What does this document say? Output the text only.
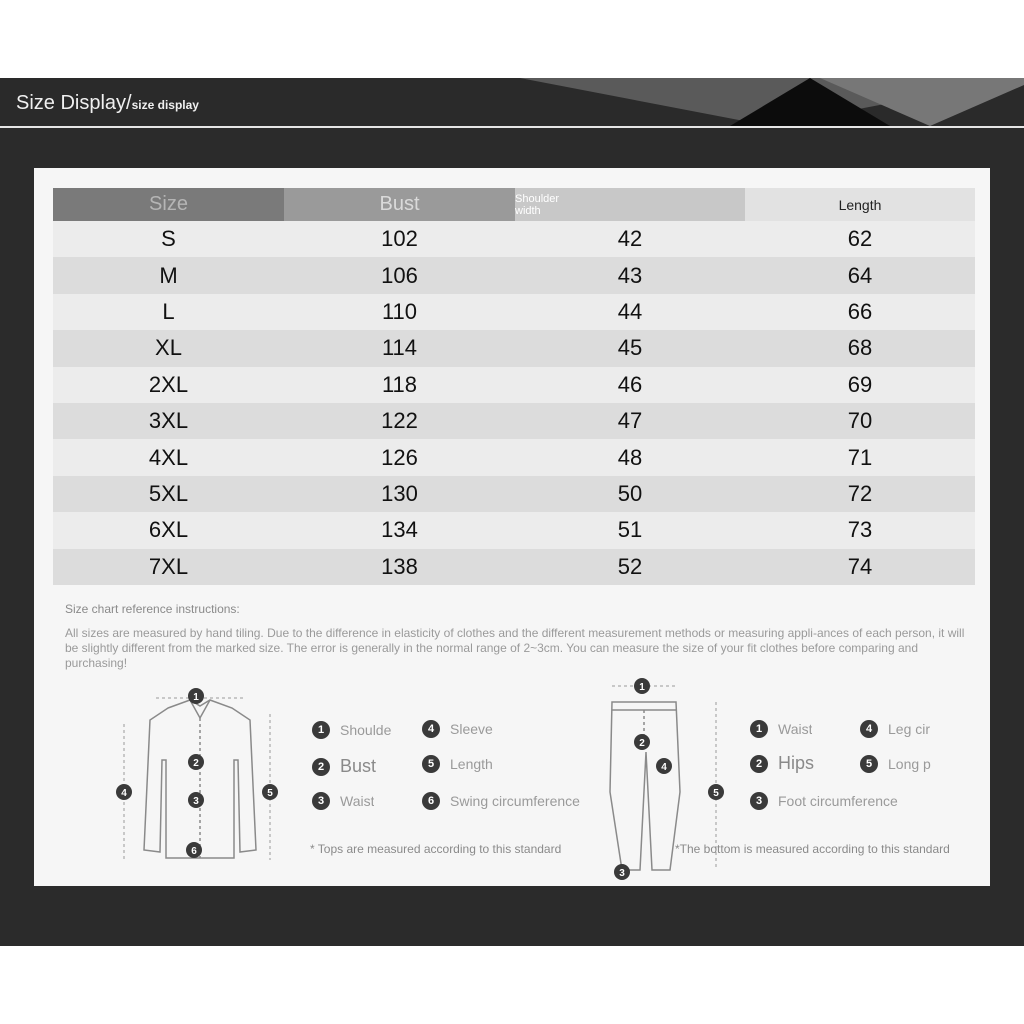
Size Display/size display
Size	Bust	Shoulder width	Length
S	102	42	62
M	106	43	64
L	110	44	66
XL	114	45	68
2XL	118	46	69
3XL	122	47	70
4XL	126	48	71
5XL	130	50	72
6XL	134	51	73
7XL	138	52	74
Size chart reference instructions:
All sizes are measured by hand tiling. Due to the difference in elasticity of clothes and the different measurement methods or measuring appli-ances of each person, it will be slightly different from the marked size. The error is generally in the normal range of 2~3cm. You can measure the size of your fit clothes before comparing and purchasing!
1
2
3
4	5
6
1	Shoulde
2 Bust
3	Waist
4	Sleeve
5	Length
6	Swing circumference
* Tops are measured according to this standard
1
2
4
5
3
1	Waist
2 Hips
3	Foot circumference
4	Leg cir
5	Long p
*The bottom is measured according to this standard
